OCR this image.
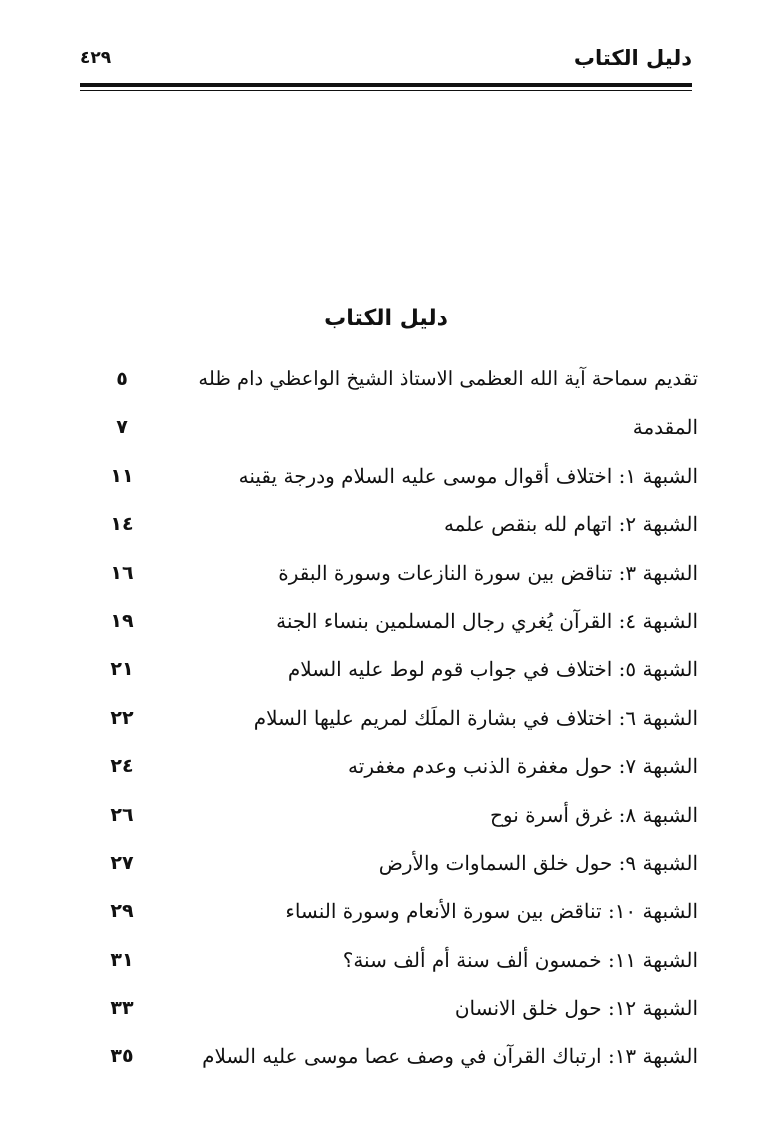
دليل الكتاب
٤٢٩
دليل الكتاب
تقديم سماحة آية الله العظمى الاستاذ الشيخ الواعظي دام ظله
٥
المقدمة
٧
الشبهة ١: اختلاف أقوال موسى عليه السلام ودرجة يقينه
١١
الشبهة ٢: اتهام لله بنقص علمه
١٤
الشبهة ٣: تناقض بين سورة النازعات وسورة البقرة
١٦
الشبهة ٤: القرآن يُغري رجال المسلمين بنساء الجنة
١٩
الشبهة ٥: اختلاف في جواب قوم لوط عليه السلام
٢١
الشبهة ٦: اختلاف في بشارة الملَك لمريم عليها السلام
٢٢
الشبهة ٧: حول مغفرة الذنب وعدم مغفرته
٢٤
الشبهة ٨: غرق أسرة نوح
٢٦
الشبهة ٩: حول خلق السماوات والأرض
٢٧
الشبهة ١٠: تناقض بين سورة الأنعام وسورة النساء
٢٩
الشبهة ١١: خمسون ألف سنة أم ألف سنة؟
٣١
الشبهة ١٢: حول خلق الانسان
٣٣
الشبهة ١٣: ارتباك القرآن في وصف عصا موسى عليه السلام
٣٥
